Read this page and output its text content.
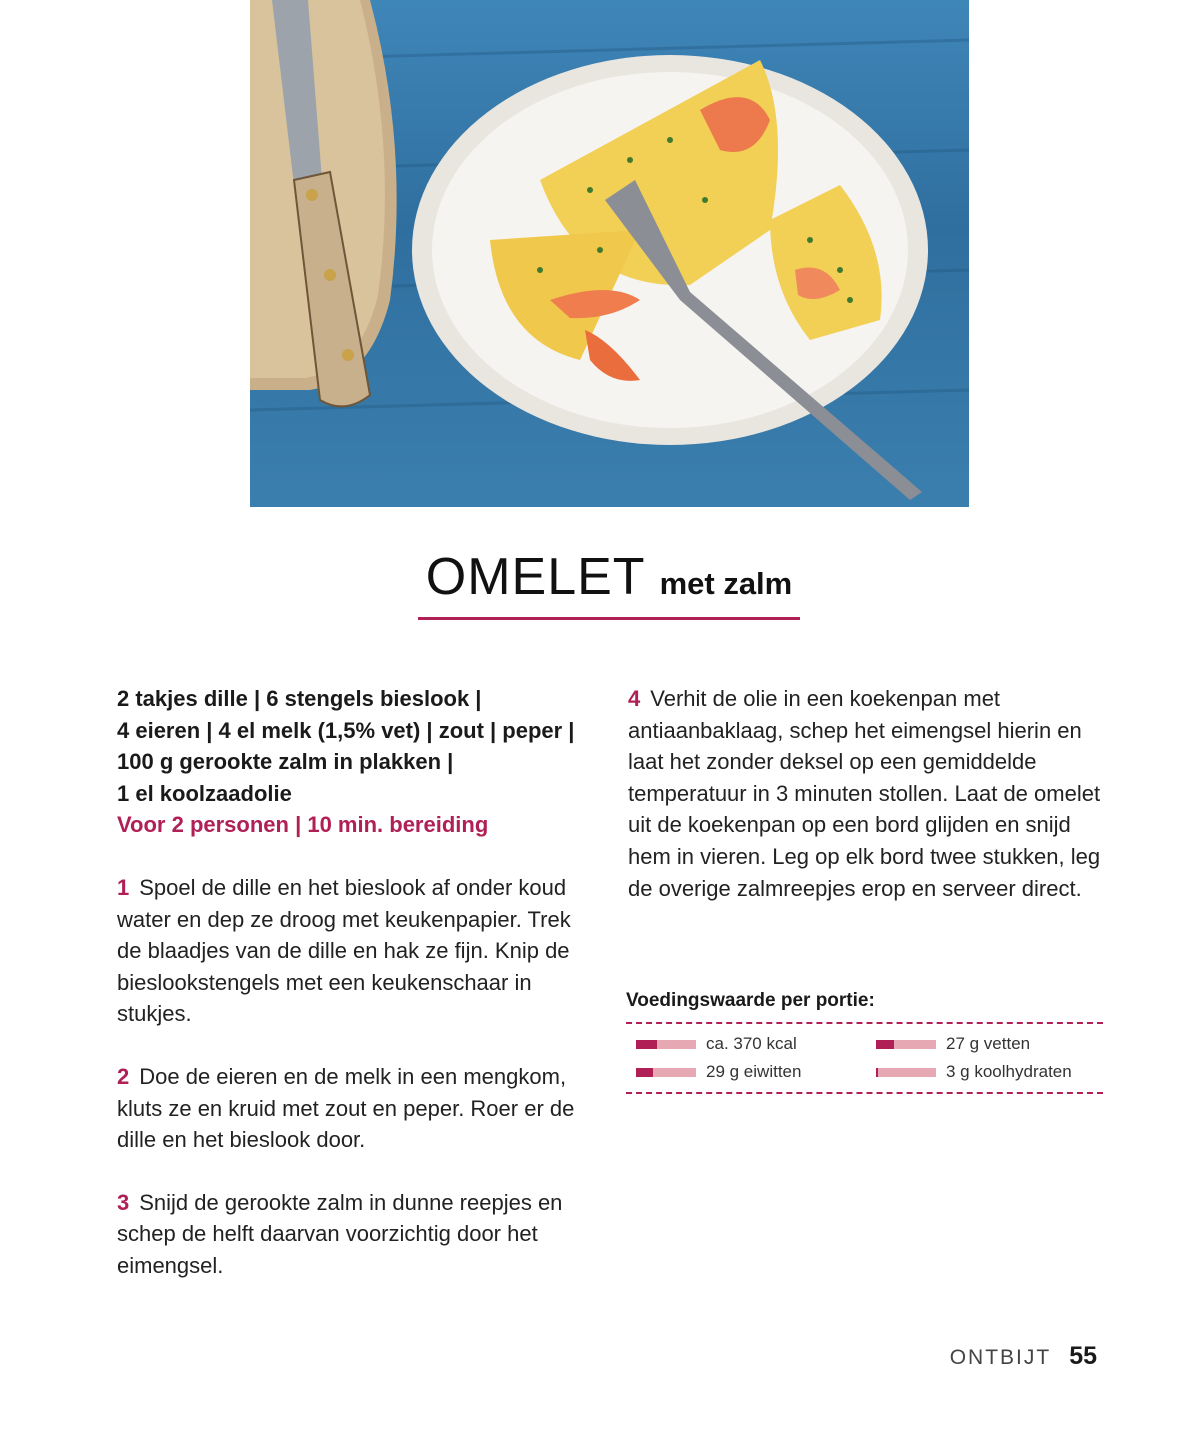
OMELET met zalm
2 takjes dille | 6 stengels bieslook |
4 eieren | 4 el melk (1,5% vet) | zout | peper |
100 g gerookte zalm in plakken |
1 el koolzaadolie
Voor 2 personen | 10 min. bereiding
1 Spoel de dille en het bieslook af onder koud water en dep ze droog met keukenpapier. Trek de blaadjes van de dille en hak ze fijn. Knip de bieslookstengels met een keukenschaar in stukjes.
2 Doe de eieren en de melk in een mengkom, kluts ze en kruid met zout en peper. Roer er de dille en het bieslook door.
3 Snijd de gerookte zalm in dunne reepjes en schep de helft daarvan voorzichtig door het eimengsel.
4 Verhit de olie in een koekenpan met antiaanbaklaag, schep het eimengsel hierin en laat het zonder deksel op een gemiddelde temperatuur in 3 minuten stollen. Laat de omelet uit de koekenpan op een bord glijden en snijd hem in vieren. Leg op elk bord twee stukken, leg de overige zalmreepjes erop en serveer direct.
Voedingswaarde per portie:
ca. 370 kcal	27 g vetten
29 g eiwitten	3 g koolhydraten
ONTBIJT 55
